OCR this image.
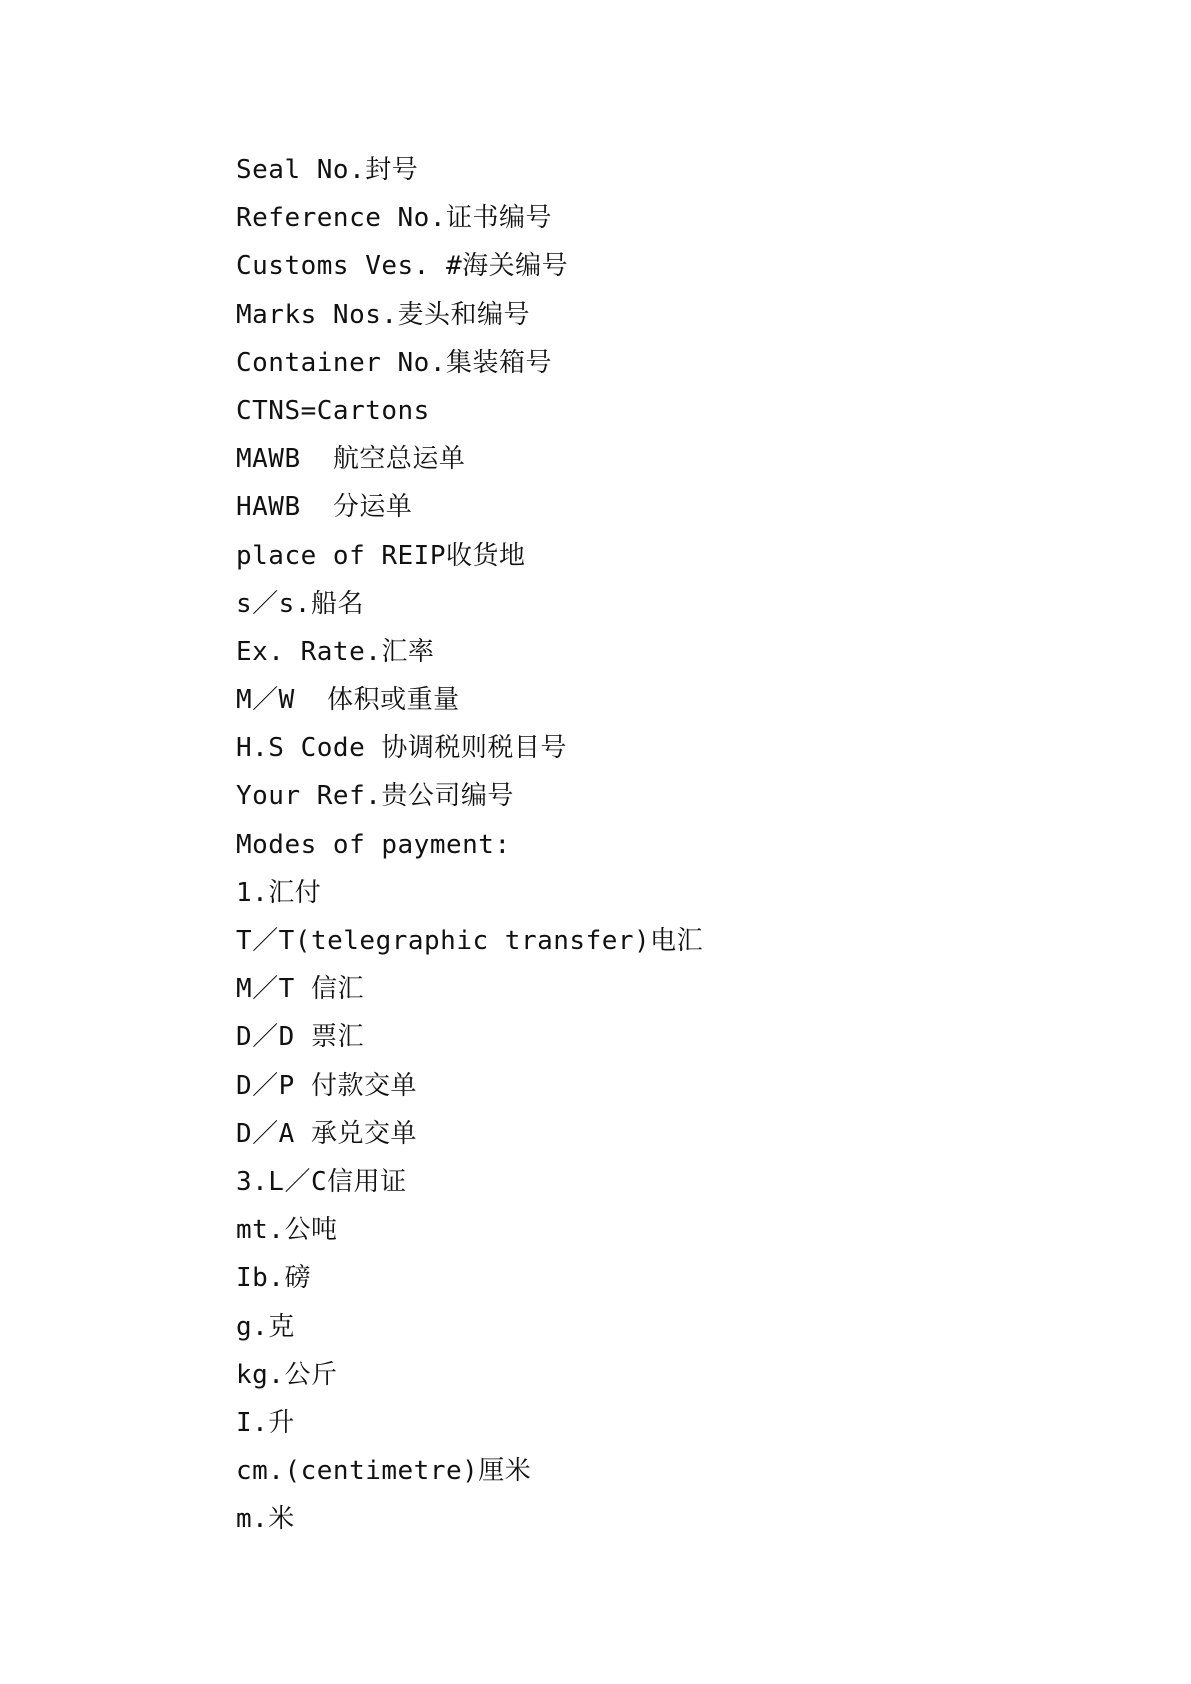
Seal No.封号
Reference No.证书编号
Customs Ves. #海关编号
Marks Nos.麦头和编号
Container No.集装箱号
CTNS=Cartons
MAWB  航空总运单
HAWB  分运单
place of REIP收货地
s／s.船名
Ex. Rate.汇率
M／W  体积或重量
H.S Code 协调税则税目号
Your Ref.贵公司编号
Modes of payment:
1.汇付
T／T(telegraphic transfer)电汇
M／T 信汇
D／D 票汇
D／P 付款交单
D／A 承兑交单
3.L／C信用证
mt.公吨
Ib.磅
g.克
kg.公斤
I.升
cm.(centimetre)厘米
m.米
